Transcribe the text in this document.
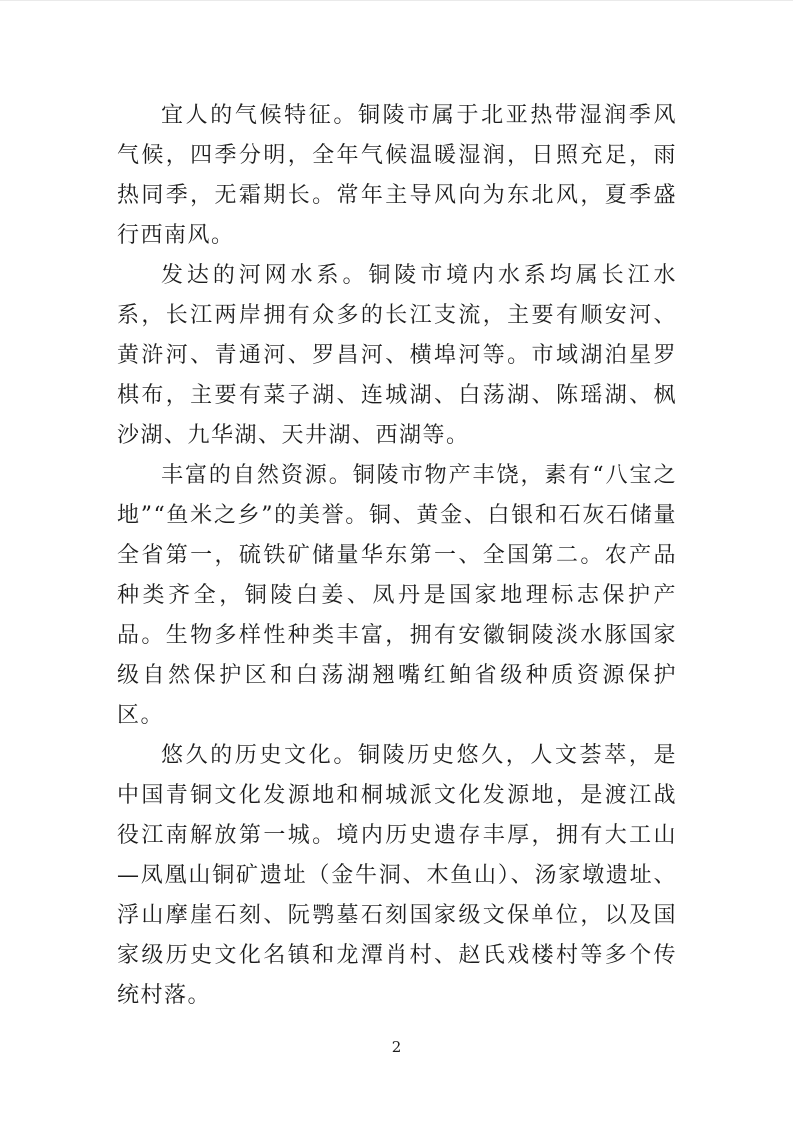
宜人的气候特征。铜陵市属于北亚热带湿润季风气候，四季分明，全年气候温暖湿润，日照充足，雨热同季，无霜期长。常年主导风向为东北风，夏季盛行西南风。

发达的河网水系。铜陵市境内水系均属长江水系，长江两岸拥有众多的长江支流，主要有顺安河、黄浒河、青通河、罗昌河、横埠河等。市域湖泊星罗棋布，主要有菜子湖、连城湖、白荡湖、陈瑶湖、枫沙湖、九华湖、天井湖、西湖等。

丰富的自然资源。铜陵市物产丰饶，素有“八宝之地”“鱼米之乡”的美誉。铜、黄金、白银和石灰石储量全省第一，硫铁矿储量华东第一、全国第二。农产品种类齐全，铜陵白姜、凤丹是国家地理标志保护产品。生物多样性种类丰富，拥有安徽铜陵淡水豚国家级自然保护区和白荡湖翘嘴红鲌省级种质资源保护区。

悠久的历史文化。铜陵历史悠久，人文荟萃，是中国青铜文化发源地和桐城派文化发源地，是渡江战役江南解放第一城。境内历史遗存丰厚，拥有大工山—凤凰山铜矿遗址（金牛洞、木鱼山）、汤家墩遗址、浮山摩崖石刻、阮鹗墓石刻国家级文保单位，以及国家级历史文化名镇和龙潭肖村、赵氏戏楼村等多个传统村落。

2
